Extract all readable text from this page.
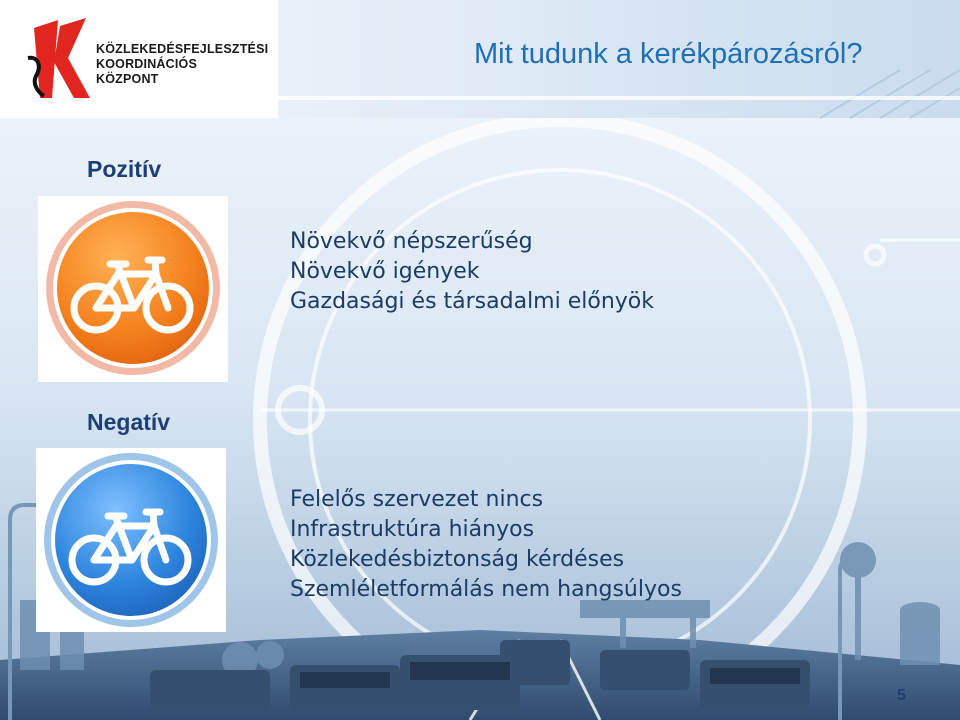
KÖZLEKEDÉSFEJLESZTÉSI
KOORDINÁCIÓS
KÖZPONT
Mit tudunk a kerékpározásról?
Pozitív
Növekvő népszerűség
Növekvő igények
Gazdasági és társadalmi előnyök
Negatív
Felelős szervezet nincs
Infrastruktúra hiányos
Közlekedésbiztonság kérdéses
Szemléletformálás nem hangsúlyos
5
